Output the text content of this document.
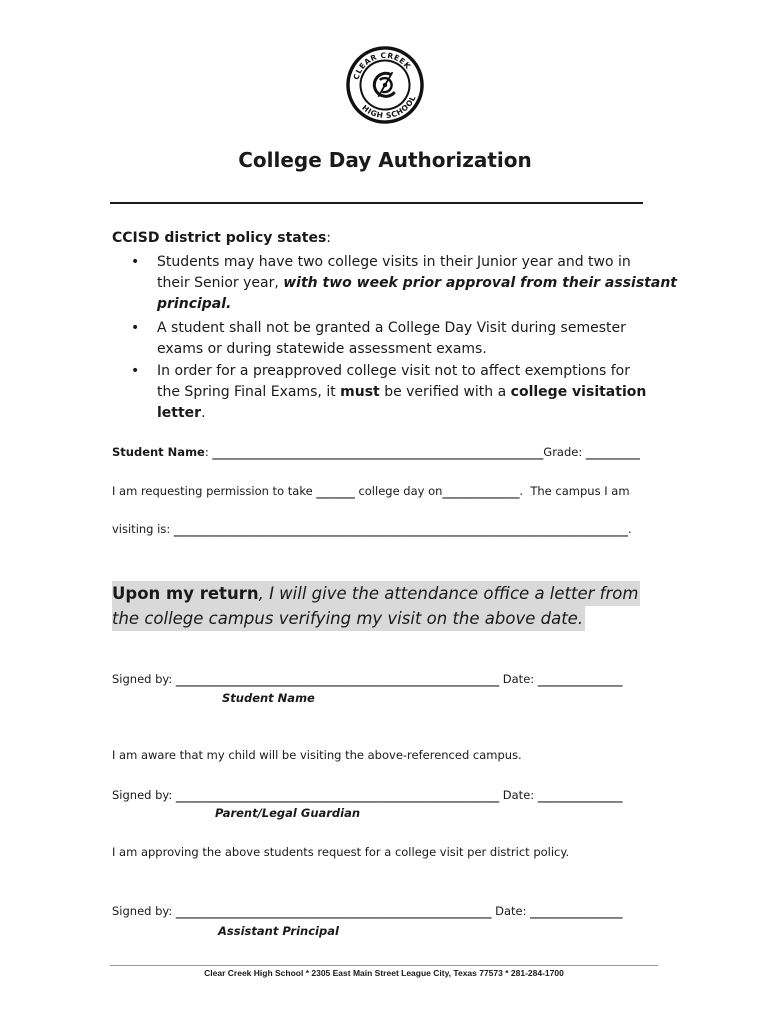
CLEAR CREEK
HIGH SCHOOL
College Day Authorization
CCISD district policy states:
• Students may have two college visits in their Junior year and two in
their Senior year, with two week prior approval from their assistant
principal.
• A student shall not be granted a College Day Visit during semester
exams or during statewide assessment exams.
• In order for a preapproved college visit not to affect exemptions for
the Spring Final Exams, it must be verified with a college visitation
letter.
Student Name: ___________________________________________Grade: _______
I am requesting permission to take _____ college day on__________.  The campus I am
visiting is: ___________________________________________________________.
Upon my return, I will give the attendance office a letter from
the college campus verifying my visit on the above date.
Signed by: __________________________________________ Date: ___________
Student Name
I am aware that my child will be visiting the above-referenced campus.
Signed by: __________________________________________ Date: ___________
Parent/Legal Guardian
I am approving the above students request for a college visit per district policy.
Signed by: _________________________________________ Date: ____________
Assistant Principal
Clear Creek High School * 2305 East Main Street League City, Texas 77573 * 281-284-1700
